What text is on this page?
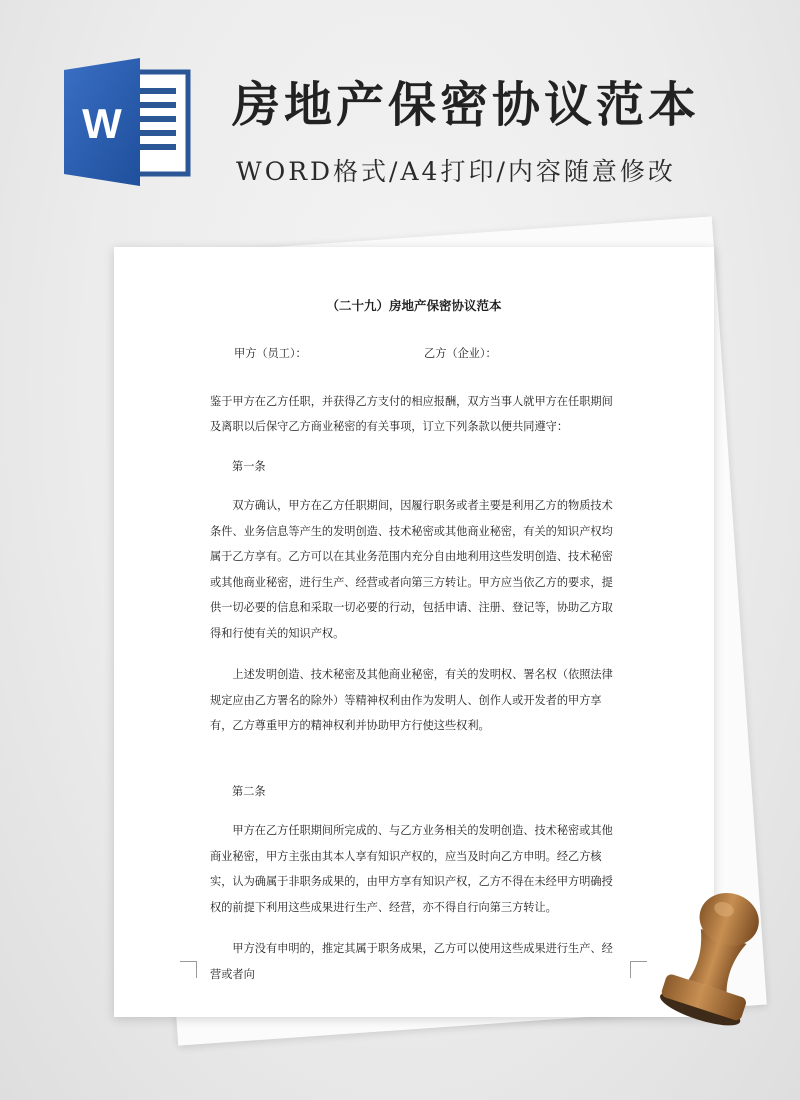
W 房地产保密协议范本
WORD格式/A4打印/内容随意修改

（二十九）房地产保密协议范本

甲方（员工）：	乙方（企业）：

鉴于甲方在乙方任职，并获得乙方支付的相应报酬，双方当事人就甲方在任职期间及离职以后保守乙方商业秘密的有关事项，订立下列条款以便共同遵守：

第一条

双方确认，甲方在乙方任职期间，因履行职务或者主要是利用乙方的物质技术条件、业务信息等产生的发明创造、技术秘密或其他商业秘密，有关的知识产权均属于乙方享有。乙方可以在其业务范围内充分自由地利用这些发明创造、技术秘密或其他商业秘密，进行生产、经营或者向第三方转让。甲方应当依乙方的要求，提供一切必要的信息和采取一切必要的行动，包括申请、注册、登记等，协助乙方取得和行使有关的知识产权。

上述发明创造、技术秘密及其他商业秘密，有关的发明权、署名权（依照法律规定应由乙方署名的除外）等精神权利由作为发明人、创作人或开发者的甲方享有，乙方尊重甲方的精神权利并协助甲方行使这些权利。

第二条

甲方在乙方任职期间所完成的、与乙方业务相关的发明创造、技术秘密或其他商业秘密，甲方主张由其本人享有知识产权的，应当及时向乙方申明。经乙方核实，认为确属于非职务成果的，由甲方享有知识产权，乙方不得在未经甲方明确授权的前提下利用这些成果进行生产、经营，亦不得自行向第三方转让。

甲方没有申明的，推定其属于职务成果，乙方可以使用这些成果进行生产、经营或者向
